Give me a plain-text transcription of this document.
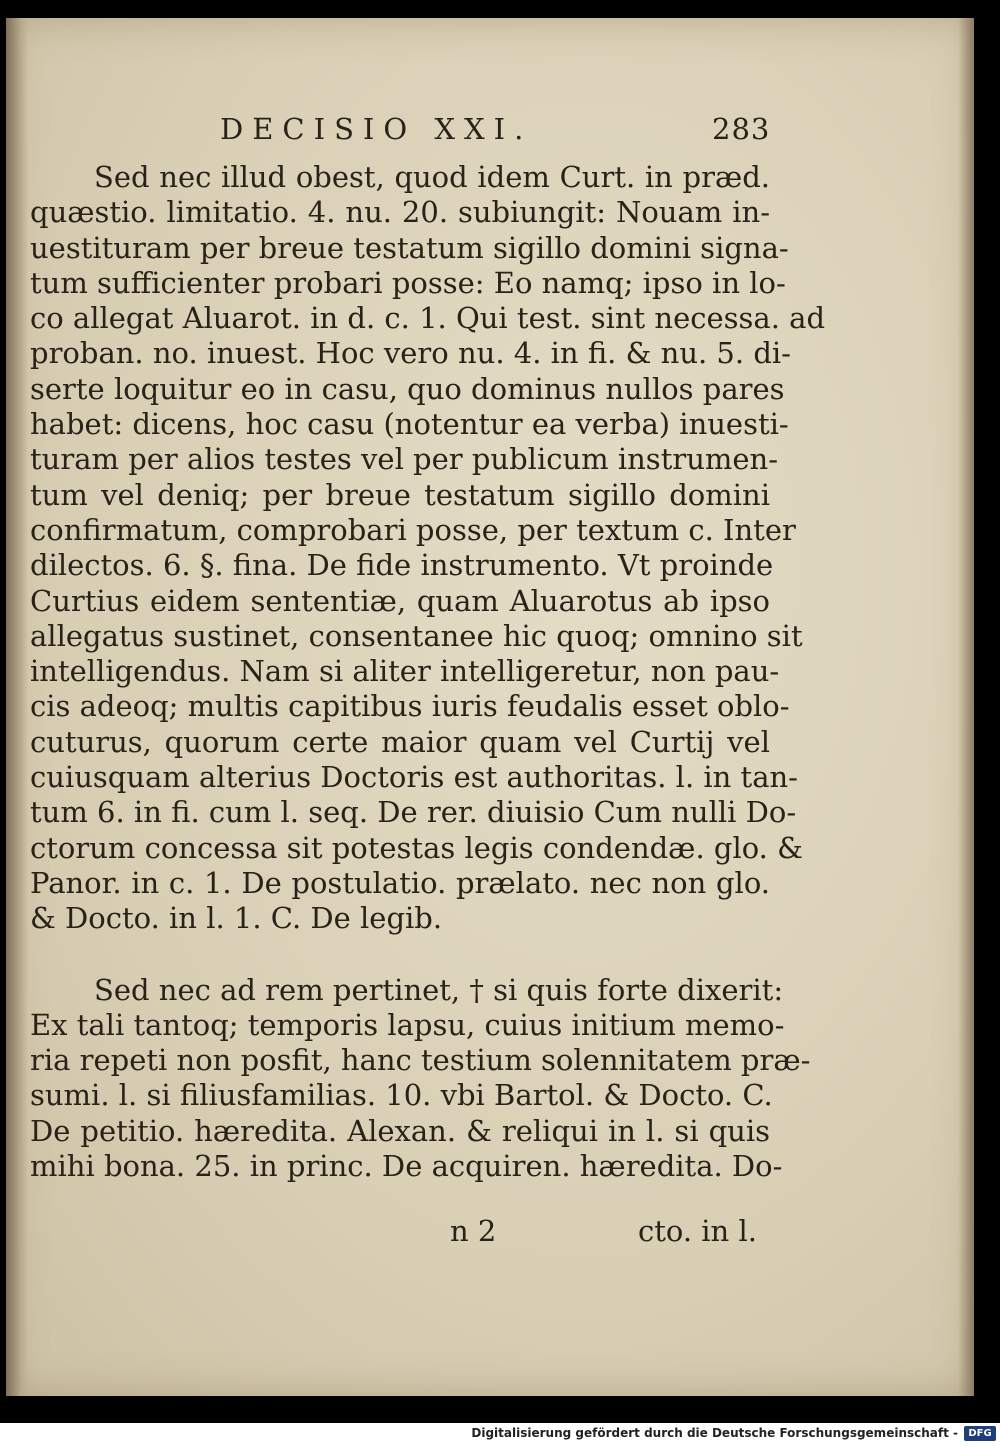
DECISIO XXI.	283
Sed nec illud obest, quod idem Curt. in præd.
quæstio. limitatio. 4. nu. 20. subiungit: Nouam in-
uestituram per breue testatum sigillo domini signa-
tum sufficienter probari posse: Eo namq; ipso in lo-
co allegat Aluarot. in d. c. 1. Qui test. sint necessa. ad
proban. no. inuest. Hoc vero nu. 4. in fi. & nu. 5. di-
serte loquitur eo in casu, quo dominus nullos pares
habet: dicens, hoc casu (notentur ea verba) inuesti-
turam per alios testes vel per publicum instrumen-
tum vel deniq; per breue testatum sigillo domini
confirmatum, comprobari posse, per textum c. Inter
dilectos. 6. §. fina. De fide instrumento. Vt proinde
Curtius eidem sententiæ, quam Aluarotus ab ipso
allegatus sustinet, consentanee hic quoq; omnino sit
intelligendus. Nam si aliter intelligeretur, non pau-
cis adeoq; multis capitibus iuris feudalis esset oblo-
cuturus, quorum certe maior quam vel Curtij vel
cuiusquam alterius Doctoris est authoritas. l. in tan-
tum 6. in fi. cum l. seq. De rer. diuisio Cum nulli Do-
ctorum concessa sit potestas legis condendæ. glo. &
Panor. in c. 1. De postulatio. prælato. nec non glo.
& Docto. in l. 1. C. De legib.
Sed nec ad rem pertinet, † si quis forte dixerit:
Ex tali tantoq; temporis lapsu, cuius initium memo-
ria repeti non posfit, hanc testium solennitatem præ-
sumi. l. si filiusfamilias. 10. vbi Bartol. & Docto. C.
De petitio. hæredita. Alexan. & reliqui in l. si quis
mihi bona. 25. in princ. De acquiren. hæredita. Do-
n 2	cto. in l.
Digitalisierung gefördert durch die Deutsche Forschungsgemeinschaft -	DFG
